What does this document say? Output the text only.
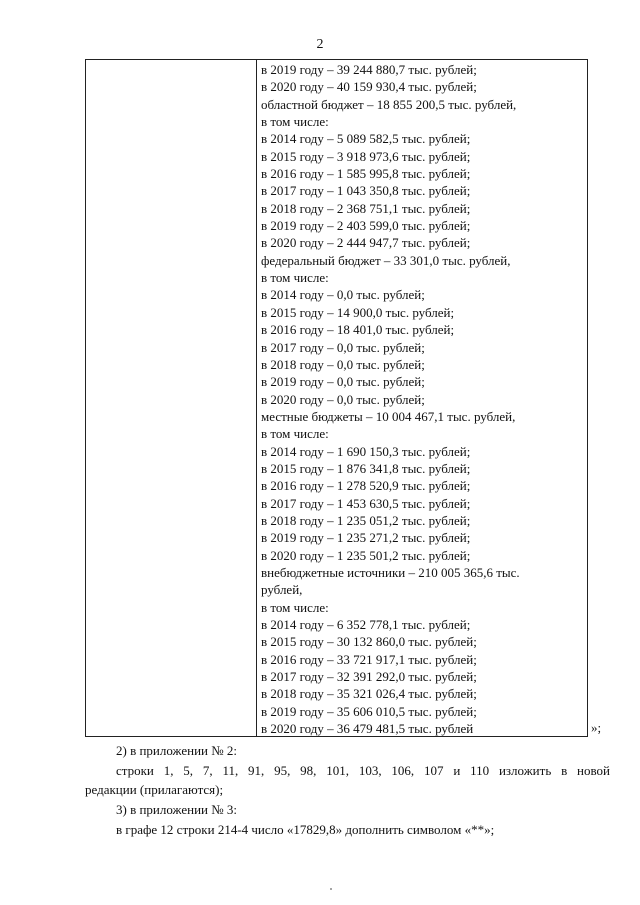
2
в 2019 году – 39 244 880,7 тыс. рублей;
в 2020 году – 40 159 930,4 тыс. рублей;
областной бюджет – 18 855 200,5 тыс. рублей,
в том числе:
в 2014 году – 5 089 582,5 тыс. рублей;
в 2015 году – 3 918 973,6 тыс. рублей;
в 2016 году – 1 585 995,8 тыс. рублей;
в 2017 году – 1 043 350,8 тыс. рублей;
в 2018 году – 2 368 751,1 тыс. рублей;
в 2019 году – 2 403 599,0 тыс. рублей;
в 2020 году – 2 444 947,7 тыс. рублей;
федеральный бюджет – 33 301,0 тыс. рублей,
в том числе:
в 2014 году – 0,0 тыс. рублей;
в 2015 году – 14 900,0 тыс. рублей;
в 2016 году – 18 401,0 тыс. рублей;
в 2017 году – 0,0 тыс. рублей;
в 2018 году – 0,0 тыс. рублей;
в 2019 году – 0,0 тыс. рублей;
в 2020 году – 0,0 тыс. рублей;
местные бюджеты – 10 004 467,1 тыс. рублей,
в том числе:
в 2014 году – 1 690 150,3 тыс. рублей;
в 2015 году – 1 876 341,8 тыс. рублей;
в 2016 году – 1 278 520,9 тыс. рублей;
в 2017 году – 1 453 630,5 тыс. рублей;
в 2018 году – 1 235 051,2 тыс. рублей;
в 2019 году – 1 235 271,2 тыс. рублей;
в 2020 году – 1 235 501,2 тыс. рублей;
внебюджетные источники – 210 005 365,6 тыс.
рублей,
в том числе:
в 2014 году – 6 352 778,1 тыс. рублей;
в 2015 году – 30 132 860,0 тыс. рублей;
в 2016 году – 33 721 917,1 тыс. рублей;
в 2017 году – 32 391 292,0 тыс. рублей;
в 2018 году – 35 321 026,4 тыс. рублей;
в 2019 году – 35 606 010,5 тыс. рублей;
в 2020 году – 36 479 481,5 тыс. рублей	»;
2) в приложении № 2:
строки 1, 5, 7, 11, 91, 95, 98, 101, 103, 106, 107 и 110 изложить в новой
редакции (прилагаются);
3) в приложении № 3:
в графе 12 строки 214-4 число «17829,8» дополнить символом «**»;
